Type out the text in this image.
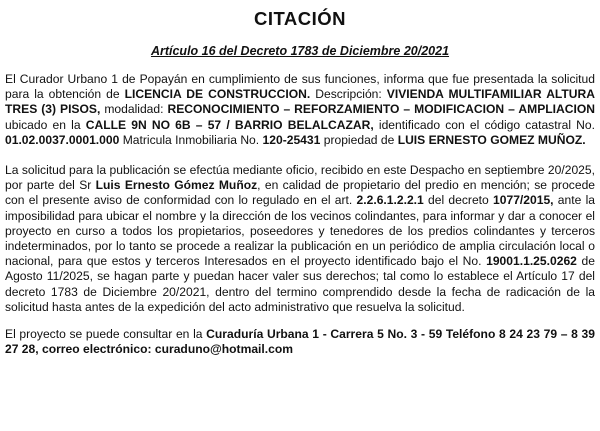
CITACIÓN
Artículo 16 del Decreto 1783 de Diciembre 20/2021

El Curador Urbano 1 de Popayán en cumplimiento de sus funciones, informa que fue presentada la solicitud para la obtención de LICENCIA DE CONSTRUCCION. Descripción: VIVIENDA MULTIFAMILIAR ALTURA TRES (3) PISOS, modalidad: RECONOCIMIENTO – REFORZAMIENTO – MODIFICACION – AMPLIACION ubicado en la CALLE 9N NO 6B – 57 / BARRIO BELALCAZAR, identificado con el código catastral No. 01.02.0037.0001.000 Matricula Inmobiliaria No. 120-25431 propiedad de LUIS ERNESTO GOMEZ MUÑOZ.

La solicitud para la publicación se efectúa mediante oficio, recibido en este Despacho en septiembre 20/2025, por parte del Sr Luis Ernesto Gómez Muñoz, en calidad de propietario del predio en mención; se procede con el presente aviso de conformidad con lo regulado en el art. 2.2.6.1.2.2.1 del decreto 1077/2015, ante la imposibilidad para ubicar el nombre y la dirección de los vecinos colindantes, para informar y dar a conocer el proyecto en curso a todos los propietarios, poseedores y tenedores de los predios colindantes y terceros indeterminados, por lo tanto se procede a realizar la publicación en un periódico de amplia circulación local o nacional, para que estos y terceros Interesados en el proyecto identificado bajo el No. 19001.1.25.0262 de Agosto 11/2025, se hagan parte y puedan hacer valer sus derechos; tal como lo establece el Artículo 17 del decreto 1783 de Diciembre 20/2021, dentro del termino comprendido desde la fecha de radicación de la solicitud hasta antes de la expedición del acto administrativo que resuelva la solicitud.

El proyecto se puede consultar en la Curaduría Urbana 1 - Carrera 5 No. 3 - 59 Teléfono 8 24 23 79 – 8 39 27 28, correo electrónico: curaduno@hotmail.com
